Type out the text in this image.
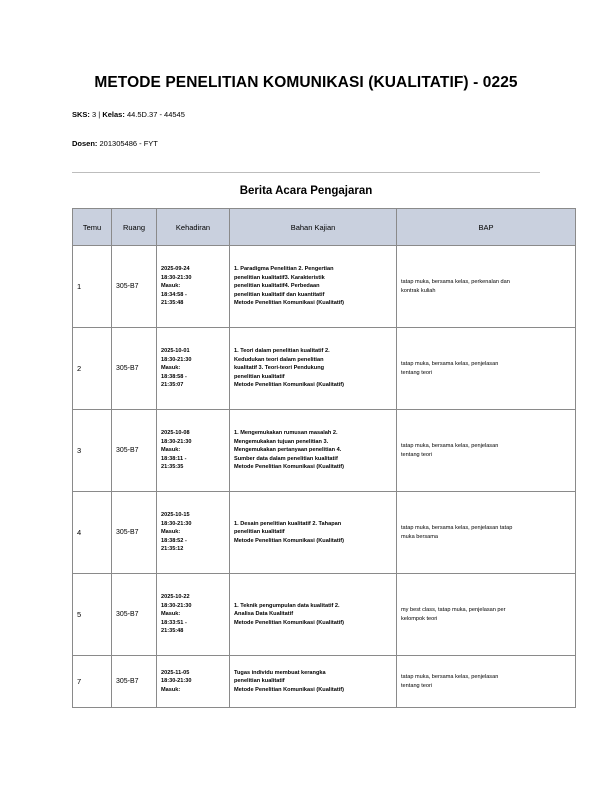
METODE PENELITIAN KOMUNIKASI (KUALITATIF) - 0225
SKS: 3 | Kelas: 44.5D.37 - 44545
Dosen: 201305486 - FYT
Berita Acara Pengajaran
Temu	Ruang	Kehadiran	Bahan Kajian	BAP
1	305-B7	2025-09-24
18:30-21:30
Masuk:
18:34:58 -
21:35:48	1. Paradigma Penelitian 2. Pengertian
penelitian kualitatif3. Karakteristik
penelitian kualitatif4. Perbedaan
penelitian kualitatif dan kuantitatif
Metode Penelitian Komunikasi (Kualitatif)	tatap muka, bersama kelas, perkenalan dan
kontrak kuliah

2	305-B7	2025-10-01
18:30-21:30
Masuk:
18:38:58 -
21:35:07	1. Teori dalam penelitian kualitatif 2.
Kedudukan teori dalam penelitian
kualitatif 3. Teori-teori Pendukung
penelitian kualitatif
Metode Penelitian Komunikasi (Kualitatif)	tatap muka, bersama kelas, penjelasan
tentang teori

3	305-B7	2025-10-08
18:30-21:30
Masuk:
18:38:11 -
21:35:35	1. Mengemukakan rumusan masalah 2.
Mengemukakan tujuan penelitian 3.
Mengemukakan pertanyaan penelitian 4.
Sumber data dalam penelitian kualitatif
Metode Penelitian Komunikasi (Kualitatif)	tatap muka, bersama kelas, penjelasan
tentang teori

4	305-B7	2025-10-15
18:30-21:30
Masuk:
18:38:52 -
21:35:12	1. Desain penelitian kualitatif 2. Tahapan
penelitian kualitatif
Metode Penelitian Komunikasi (Kualitatif)	tatap muka, bersama kelas, penjelasan tatap
muka bersama

5	305-B7	2025-10-22
18:30-21:30
Masuk:
18:33:51 -
21:35:48	1. Teknik pengumpulan data kualitatif 2.
Analisa Data Kualitatif
Metode Penelitian Komunikasi (Kualitatif)	my best class, tatap muka, penjelasan per
kelompok teori

7	305-B7	2025-11-05
18:30-21:30
Masuk:	Tugas individu membuat kerangka
penelitian kualitatif
Metode Penelitian Komunikasi (Kualitatif)	tatap muka, bersama kelas, penjelasan
tentang teori
